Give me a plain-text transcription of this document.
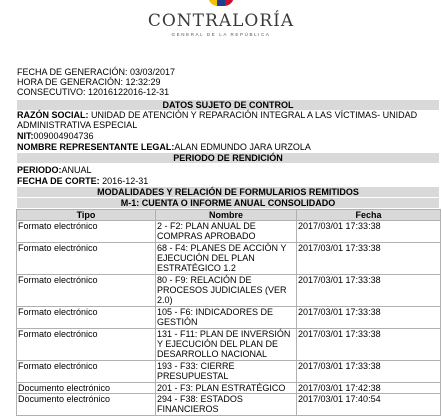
CONTRALORÍA
GENERAL DE LA REPÚBLICA
FECHA DE GENERACIÓN: 03/03/2017
HORA DE GENERACIÓN: 12:32:29
CONSECUTIVO: 12016122016-12-31
DATOS SUJETO DE CONTROL
RAZÓN SOCIAL: UNIDAD DE ATENCIÓN Y REPARACIÓN INTEGRAL A LAS VÍCTIMAS- UNIDAD ADMINISTRATIVA ESPECIAL
NIT:009004904736
NOMBRE REPRESENTANTE LEGAL:ALAN EDMUNDO JARA URZOLA
PERIODO DE RENDICIÓN
PERIODO:ANUAL
FECHA DE CORTE: 2016-12-31
MODALIDADES Y RELACIÓN DE FORMULARIOS REMITIDOS
M-1: CUENTA O INFORME ANUAL CONSOLIDADO
Tipo	Nombre	Fecha
Formato electrónico	2 - F2: PLAN ANUAL DE COMPRAS APROBADO	2017/03/01 17:33:38
Formato electrónico	68 - F4: PLANES DE ACCIÓN Y EJECUCIÓN DEL PLAN ESTRATÉGICO 1.2	2017/03/01 17:33:38
Formato electrónico	80 - F9: RELACIÓN DE PROCESOS JUDICIALES (VER 2.0)	2017/03/01 17:33:38
Formato electrónico	105 - F6: INDICADORES DE GESTIÓN	2017/03/01 17:33:38
Formato electrónico	131 - F11: PLAN DE INVERSIÓN Y EJECUCIÓN DEL PLAN DE DESARROLLO NACIONAL	2017/03/01 17:33:38
Formato electrónico	193 - F33: CIERRE PRESUPUESTAL	2017/03/01 17:33:38
Documento electrónico	201 - F3: PLAN ESTRATÉGICO	2017/03/01 17:42:38
Documento electrónico	294 - F38: ESTADOS FINANCIEROS	2017/03/01 17:40:54
